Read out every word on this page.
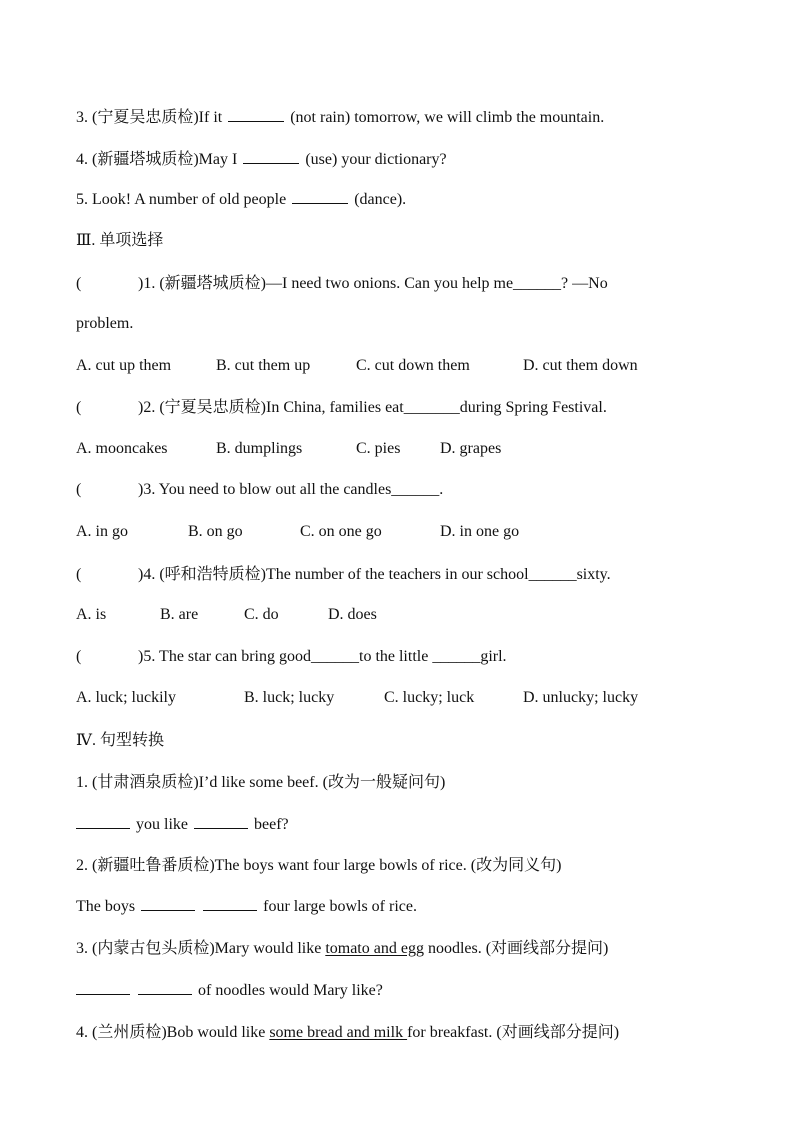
3. (宁夏吴忠质检)If it	(not rain) tomorrow, we will climb the mountain.
4. (新疆塔城质检)May I	(use) your dictionary?
5. Look! A number of old people	(dance).
Ⅲ. 单项选择
(	)1. (新疆塔城质检)—I need two onions. Can you help me______? —No
problem.
A. cut up them	B. cut them up	C. cut down them	D. cut them down
(	)2. (宁夏吴忠质检)In China, families eat_______during Spring Festival.
A. mooncakes	B. dumplings	C. pies D. grapes
(	)3. You need to blow out all the candles______.
A. in go	B. on go	C. on one go	D. in one go
(	)4. (呼和浩特质检)The number of the teachers in our school______sixty.
A. is	B. are	C. do	D. does
(	)5. The star can bring good______to the little ______girl.
A. luck; luckily	B. luck; lucky	C. lucky; luck	D. unlucky; lucky
Ⅳ. 句型转换
1. (甘肃酒泉质检)I’d like some beef. (改为一般疑问句)
you like	beef?
2. (新疆吐鲁番质检)The boys want four large bowls of rice. (改为同义句)
The boys	four large bowls of rice.
3. (内蒙古包头质检)Mary would like tomato and egg noodles. (对画线部分提问)
of noodles would Mary like?
4. (兰州质检)Bob would like some bread and milk for breakfast. (对画线部分提问)
